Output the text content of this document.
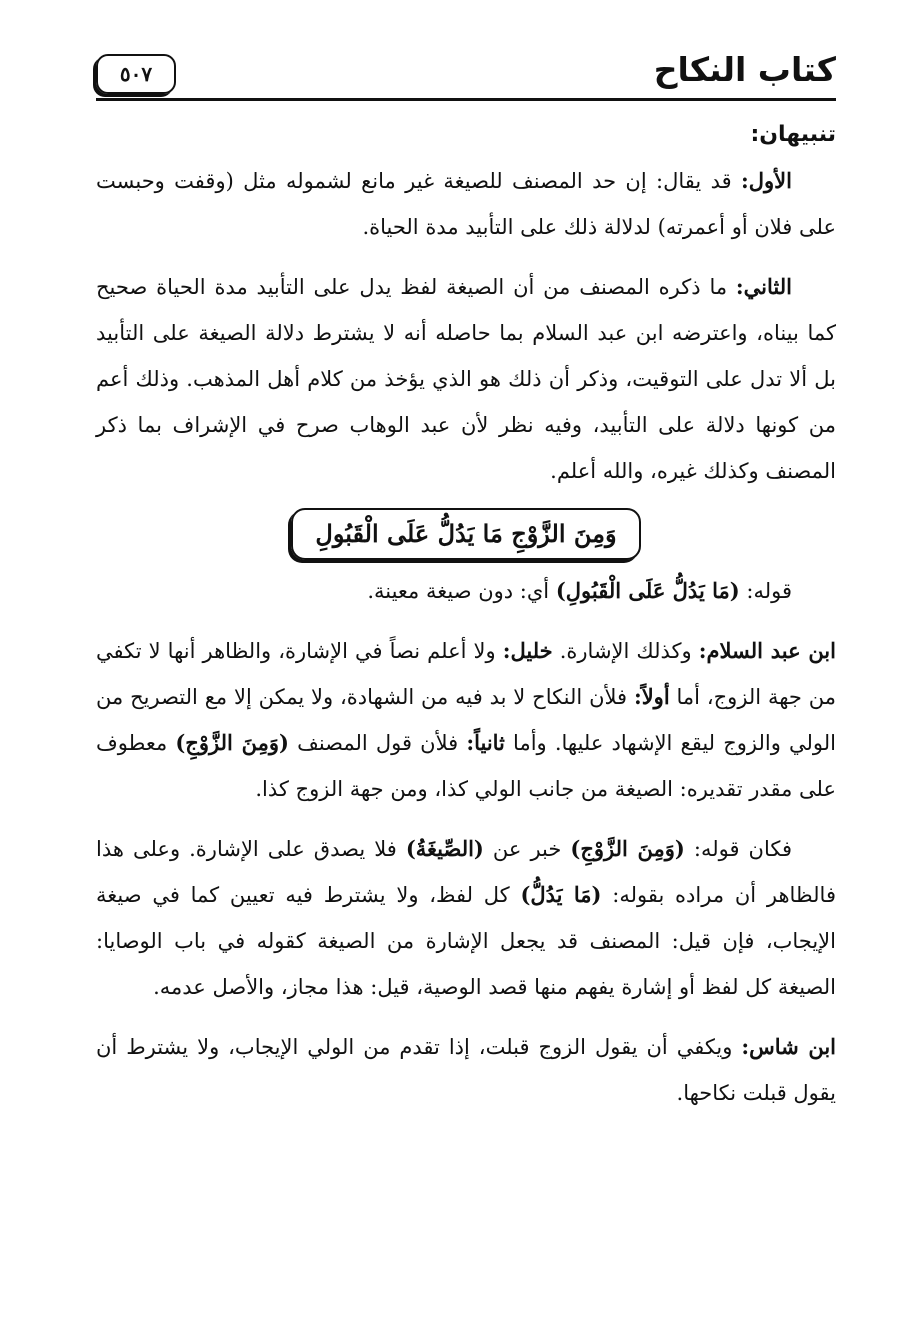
كتاب النكاح
٥٠٧
تنبيهان:

الأول: قد يقال: إن حد المصنف للصيغة غير مانع لشموله مثل (وقفت وحبست على فلان أو أعمرته) لدلالة ذلك على التأبيد مدة الحياة.

الثاني: ما ذكره المصنف من أن الصيغة لفظ يدل على التأبيد مدة الحياة صحيح كما بيناه، واعترضه ابن عبد السلام بما حاصله أنه لا يشترط دلالة الصيغة على التأبيد بل ألا تدل على التوقيت، وذكر أن ذلك هو الذي يؤخذ من كلام أهل المذهب. وذلك أعم من كونها دلالة على التأبيد، وفيه نظر لأن عبد الوهاب صرح في الإشراف بما ذكر المصنف وكذلك غيره، والله أعلم.

وَمِنَ الزَّوْجِ مَا يَدُلُّ عَلَى الْقَبُولِ

قوله: (مَا يَدُلُّ عَلَى الْقَبُولِ) أي: دون صيغة معينة.

ابن عبد السلام: وكذلك الإشارة. خليل: ولا أعلم نصاً في الإشارة، والظاهر أنها لا تكفي من جهة الزوج، أما أولاً: فلأن النكاح لا بد فيه من الشهادة، ولا يمكن إلا مع التصريح من الولي والزوج ليقع الإشهاد عليها. وأما ثانياً: فلأن قول المصنف (وَمِنَ الزَّوْجِ) معطوف على مقدر تقديره: الصيغة من جانب الولي كذا، ومن جهة الزوج كذا.

فكان قوله: (وَمِنَ الزَّوْجِ) خبر عن (الصِّيغَةُ) فلا يصدق على الإشارة. وعلى هذا فالظاهر أن مراده بقوله: (مَا يَدُلُّ) كل لفظ، ولا يشترط فيه تعيين كما في صيغة الإيجاب، فإن قيل: المصنف قد يجعل الإشارة من الصيغة كقوله في باب الوصايا: الصيغة كل لفظ أو إشارة يفهم منها قصد الوصية، قيل: هذا مجاز، والأصل عدمه.

ابن شاس: ويكفي أن يقول الزوج قبلت، إذا تقدم من الولي الإيجاب، ولا يشترط أن يقول قبلت نكاحها.
